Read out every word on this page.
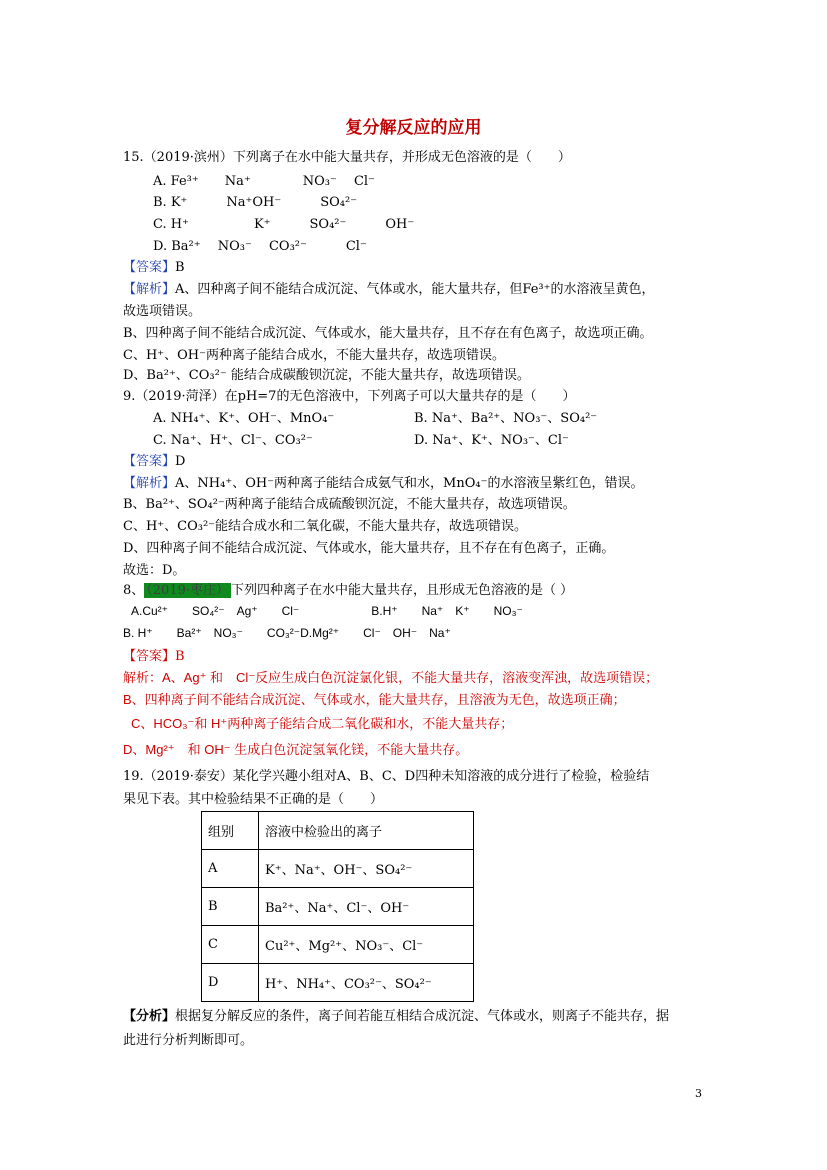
复分解反应的应用
15.（2019·滨州）下列离子在水中能大量共存，并形成无色溶液的是（　　）
A. Fe³⁺　　Na⁺　　　　NO₃⁻　 Cl⁻
B. K⁺　　　Na⁺OH⁻　　　SO₄²⁻
C. H⁺　　　　　K⁺　　　SO₄²⁻　　　OH⁻
D. Ba²⁺　 NO₃⁻　 CO₃²⁻　　　Cl⁻
【答案】B
【解析】A、四种离子间不能结合成沉淀、气体或水，能大量共存，但Fe³⁺的水溶液呈黄色，
故选项错误。
B、四种离子间不能结合成沉淀、气体或水，能大量共存，且不存在有色离子，故选项正确。
C、H⁺、OH⁻两种离子能结合成水，不能大量共存，故选项错误。
D、Ba²⁺、CO₃²⁻ 能结合成碳酸钡沉淀，不能大量共存，故选项错误。
9.（2019·菏泽）在pH=7的无色溶液中，下列离子可以大量共存的是（　　）
A. NH₄⁺、K⁺、OH⁻、MnO₄⁻	B. Na⁺、Ba²⁺、NO₃⁻、SO₄²⁻
C. Na⁺、H⁺、Cl⁻、CO₃²⁻	D. Na⁺、K⁺、NO₃⁻、Cl⁻
【答案】D
【解析】A、NH₄⁺、OH⁻两种离子能结合成氨气和水，MnO₄⁻的水溶液呈紫红色，错误。
B、Ba²⁺、SO₄²⁻两种离子能结合成硫酸钡沉淀，不能大量共存，故选项错误。
C、H⁺、CO₃²⁻能结合成水和二氧化碳，不能大量共存，故选项错误。
D、四种离子间不能结合成沉淀、气体或水，能大量共存，且不存在有色离子，正确。
故选：D。
8、 （2019·枣庄） 下列四种离子在水中能大量共存，且形成无色溶液的是（ ）
A.Cu²⁺　　SO₄²⁻　Ag⁺　　Cl⁻　　　　　　B.H⁺　　Na⁺　K⁺　　NO₃⁻
B. H⁺　　Ba²⁺　NO₃⁻　　CO₃²⁻D.Mg²⁺　　Cl⁻　OH⁻　Na⁺
【答案】B
解析：A、Ag⁺ 和　Cl⁻反应生成白色沉淀氯化银，不能大量共存，溶液变浑浊，故选项错误；
B、四种离子间不能结合成沉淀、气体或水，能大量共存，且溶液为无色，故选项正确；
C、HCO₃⁻和 H⁺两种离子能结合成二氧化碳和水，不能大量共存；
D、Mg²⁺　和 OH⁻ 生成白色沉淀氢氧化镁，不能大量共存。
19.（2019·泰安）某化学兴趣小组对A、B、C、D四种未知溶液的成分进行了检验，检验结
果见下表。其中检验结果不正确的是（　　）
组别	溶液中检验出的离子
A	K⁺、Na⁺、OH⁻、SO₄²⁻
B	Ba²⁺、Na⁺、Cl⁻、OH⁻
C	Cu²⁺、Mg²⁺、NO₃⁻、Cl⁻
D	H⁺、NH₄⁺、CO₃²⁻、SO₄²⁻
【分析】根据复分解反应的条件，离子间若能互相结合成沉淀、气体或水，则离子不能共存，据
此进行分析判断即可。
3
